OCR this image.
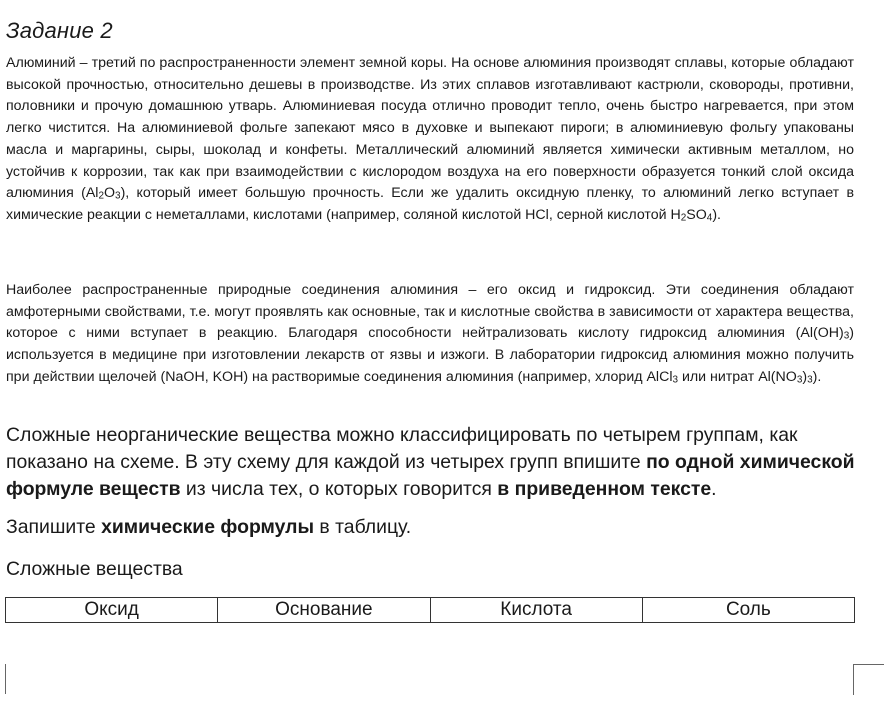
Задание 2

Алюминий – третий по распространенности элемент земной коры. На основе алюминия производят сплавы, которые обладают высокой прочностью, относительно дешевы в производстве. Из этих сплавов изготавливают кастрюли, сковороды, противни, половники и прочую домашнюю утварь. Алюминиевая посуда отлично проводит тепло, очень быстро нагревается, при этом легко чистится. На алюминиевой фольге запекают мясо в духовке и выпекают пироги; в алюминиевую фольгу упакованы масла и маргарины, сыры, шоколад и конфеты. Металлический алюминий является химически активным металлом, но устойчив к коррозии, так как при взаимодействии с кислородом воздуха на его поверхности образуется тонкий слой оксида алюминия $(Al_2O_3)$, который имеет большую прочность. Если же удалить оксидную пленку, то алюминий легко вступает в химические реакции с неметаллами, кислотами (например, соляной кислотой HCl, серной кислотой $H_2SO_4$).

Наиболее распространенные природные соединения алюминия – его оксид и гидроксид. Эти соединения обладают амфотерными свойствами, т.е. могут проявлять как основные, так и кислотные свойства в зависимости от характера вещества, которое с ними вступает в реакцию. Благодаря способности нейтрализовать кислоту гидроксид алюминия $(Al(OH)_3)$ используется в медицине при изготовлении лекарств от язвы и изжоги. В лаборатории гидроксид алюминия можно получить при действии щелочей (NaOH, KOH) на растворимые соединения алюминия (например, хлорид AlCl$_3$ или нитрат $Al(NO_3)_3$).

Сложные неорганические вещества можно классифицировать по четырем группам, как показано на схеме. В эту схему для каждой из четырех групп впишите по одной химической формуле веществ из числа тех, о которых говорится в приведенном тексте.

Запишите химические формулы в таблицу.

Сложные вещества

Оксид	Основание	Кислота	Соль
